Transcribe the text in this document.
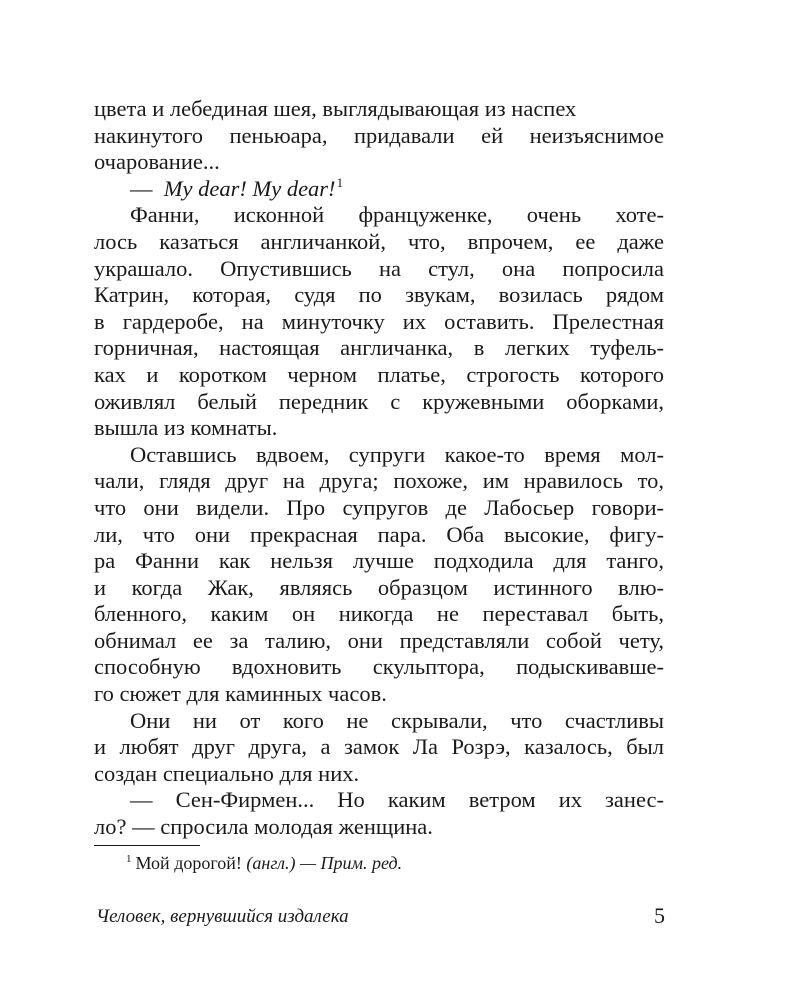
цвета и лебединая шея, выглядывающая из наспех
накинутого пеньюара, придавали ей неизъяснимое
очарование...
— My dear! My dear!$^1$
Фанни, исконной француженке, очень хоте-
лось казаться англичанкой, что, впрочем, ее даже
украшало. Опустившись на стул, она попросила
Катрин, которая, судя по звукам, возилась рядом
в гардеробе, на минуточку их оставить. Прелестная
горничная, настоящая англичанка, в легких туфель-
ках и коротком черном платье, строгость которого
оживлял белый передник с кружевными оборками,
вышла из комнаты.
Оставшись вдвоем, супруги какое-то время мол-
чали, глядя друг на друга; похоже, им нравилось то,
что они видели. Про супругов де Лабосьер говори-
ли, что они прекрасная пара. Оба высокие, фигу-
ра Фанни как нельзя лучше подходила для танго,
и когда Жак, являясь образцом истинного влю-
бленного, каким он никогда не переставал быть,
обнимал ее за талию, они представляли собой чету,
способную вдохновить скульптора, подыскивавше-
го сюжет для каминных часов.
Они ни от кого не скрывали, что счастливы
и любят друг друга, а замок Ла Розрэ, казалось, был
создан специально для них.
— Сен-Фирмен... Но каким ветром их занес-
ло? — спросила молодая женщина.
$^1$ Мой дорогой! (англ.) — Прим. ред.
Человек, вернувшийся издалека	5
